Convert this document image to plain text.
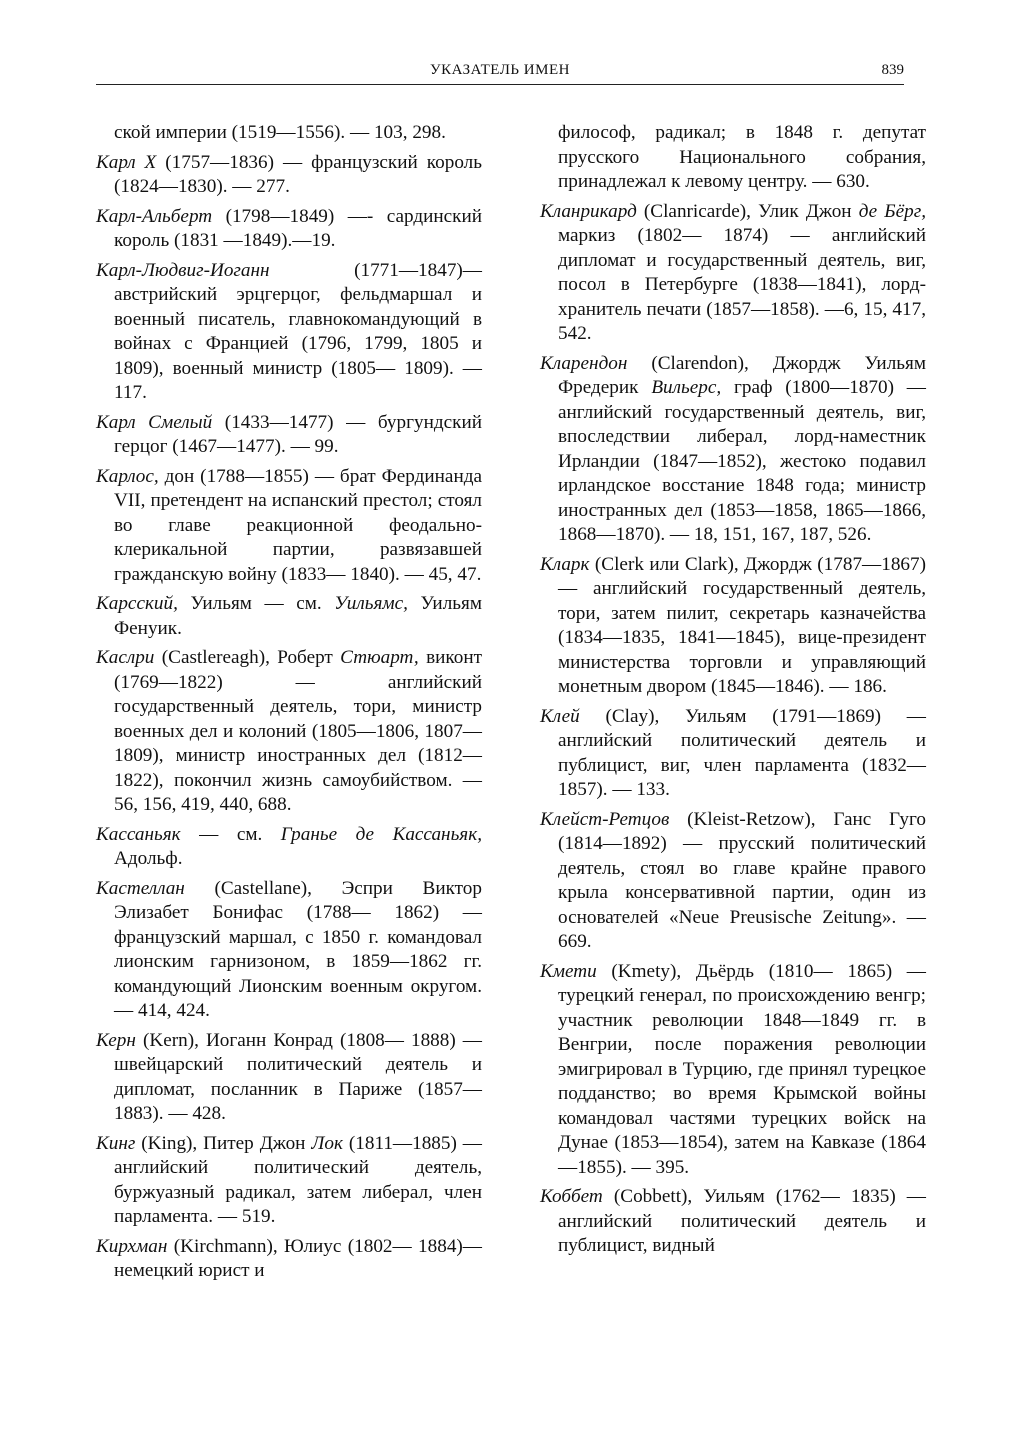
УКАЗАТЕЛЬ ИМЕН	839

ской империи (1519—1556). — 103, 298.

Карл X (1757—1836) — французский король (1824—1830). — 277.

Карл-Альберт (1798—1849) —- сардинский король (1831 —1849).—19.

Карл-Людвиг-Иоганн (1771—1847)— австрийский эрцгерцог, фельдмаршал и военный писатель, главнокомандующий в войнах с Францией (1796, 1799, 1805 и 1809), военный министр (1805— 1809). — 117.

Карл Смелый (1433—1477) — бургундский герцог (1467—1477). — 99.

Карлос, дон (1788—1855) — брат Фердинанда VII, претендент на испанский престол; стоял во главе реакционной феодально-клерикальной партии, развязавшей гражданскую войну (1833— 1840). — 45, 47.

Карсский, Уильям — см. Уильямс, Уильям Фенуик.

Каслри (Castlereagh), Роберт Стюарт, виконт (1769—1822) — английский государственный деятель, тори, министр военных дел и колоний (1805—1806, 1807— 1809), министр иностранных дел (1812—1822), покончил жизнь самоубийством. — 56, 156, 419, 440, 688.

Кассаньяк — см. Гранье де Кассаньяк, Адольф.

Кастеллан (Castellane), Эспри Виктор Элизабет Бонифас (1788— 1862) — французский маршал, с 1850 г. командовал лионским гарнизоном, в 1859—1862 гг. командующий Лионским военным округом. — 414, 424.

Керн (Kern), Иоганн Конрад (1808— 1888) — швейцарский политический деятель и дипломат, посланник в Париже (1857—1883). — 428.

Кинг (King), Питер Джон Лок (1811—1885) — английский политический деятель, буржуазный радикал, затем либерал, член парламента. — 519.

Кирхман (Kirchmann), Юлиус (1802— 1884)— немецкий юрист и

философ, радикал; в 1848 г. депутат прусского Национального собрания, принадлежал к левому центру. — 630.

Кланрикард (Clanricarde), Улик Джон де Бёрг, маркиз (1802— 1874) — английский дипломат и государственный деятель, виг, посол в Петербурге (1838—1841), лорд-хранитель печати (1857—1858). —6, 15, 417, 542.

Кларендон (Clarendon), Джордж Уильям Фредерик Вильерс, граф (1800—1870) — английский государственный деятель, виг, впоследствии либерал, лорд-наместник Ирландии (1847—1852), жестоко подавил ирландское восстание 1848 года; министр иностранных дел (1853—1858, 1865—1866, 1868—1870). — 18, 151, 167, 187, 526.

Кларк (Clerk или Clark), Джордж (1787—1867) — английский государственный деятель, тори, затем пилит, секретарь казначейства (1834—1835, 1841—1845), вице-президент министерства торговли и управляющий монетным двором (1845—1846). — 186.

Клей (Clay), Уильям (1791—1869) — английский политический деятель и публицист, виг, член парламента (1832—1857). — 133.

Клейст-Ретцов (Kleist-Retzow), Ганс Гуго (1814—1892) — прусский политический деятель, стоял во главе крайне правого крыла консервативной партии, один из основателей «Neue Preusische Zeitung». — 669.

Кмети (Kmety), Дьёрдь (1810— 1865) — турецкий генерал, по происхождению венгр; участник революции 1848—1849 гг. в Венгрии, после поражения революции эмигрировал в Турцию, где принял турецкое подданство; во время Крымской войны командовал частями турецких войск на Дунае (1853—1854), затем на Кавказе (1864—1855). — 395.

Коббет (Cobbett), Уильям (1762— 1835) — английский политический деятель и публицист, видный
